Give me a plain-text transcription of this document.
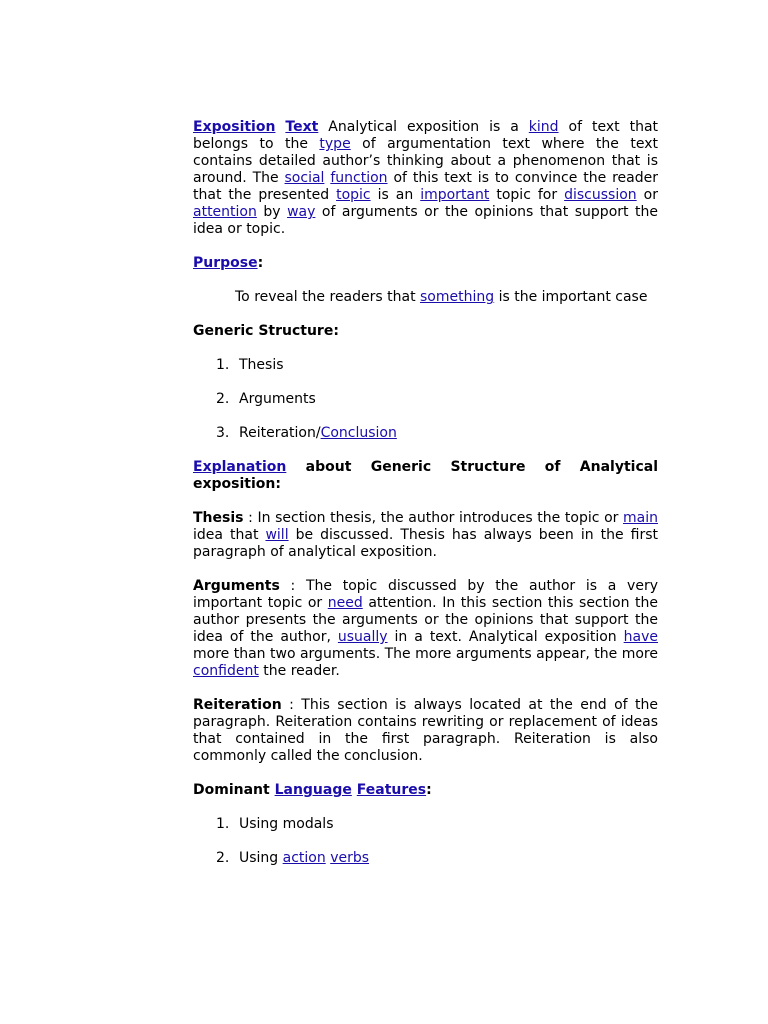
Exposition Text Analytical exposition is a kind of text that belongs to the type of argumentation text where the text contains detailed author’s thinking about a phenomenon that is around. The social function of this text is to convince the reader that the presented topic is an important topic for discussion or attention by way of arguments or the opinions that support the idea or topic.

Purpose:

To reveal the readers that something is the important case

Generic Structure:

1. Thesis
2. Arguments
3. Reiteration/Conclusion

Explanation about Generic Structure of Analytical exposition:

Thesis : In section thesis, the author introduces the topic or main idea that will be discussed. Thesis has always been in the first paragraph of analytical exposition.

Arguments : The topic discussed by the author is a very important topic or need attention. In this section this section the author presents the arguments or the opinions that support the idea of the author, usually in a text. Analytical exposition have more than two arguments. The more arguments appear, the more confident the reader.

Reiteration : This section is always located at the end of the paragraph. Reiteration contains rewriting or replacement of ideas that contained in the first paragraph. Reiteration is also commonly called the conclusion.

Dominant Language Features:

1. Using modals
2. Using action verbs
